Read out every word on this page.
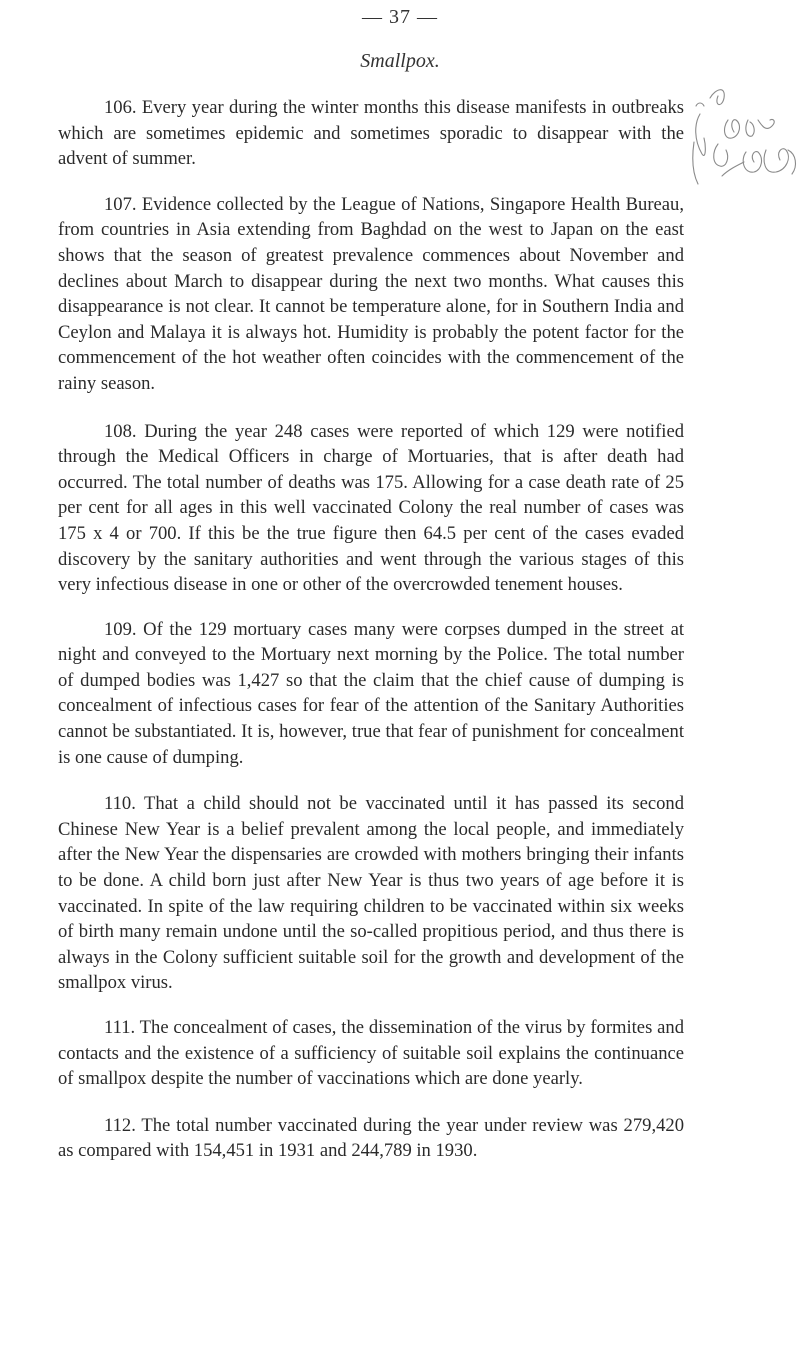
— 37 —
Smallpox.

106. Every year during the winter months this disease manifests in outbreaks which are sometimes epidemic and sometimes sporadic to disappear with the advent of summer.

107. Evidence collected by the League of Nations, Singapore Health Bureau, from countries in Asia extending from Baghdad on the west to Japan on the east shows that the season of greatest prevalence commences about November and declines about March to disappear during the next two months. What causes this disappearance is not clear. It cannot be temperature alone, for in Southern India and Ceylon and Malaya it is always hot. Humidity is probably the potent factor for the commencement of the hot weather often coincides with the commencement of the rainy season.

108. During the year 248 cases were reported of which 129 were notified through the Medical Officers in charge of Mortuaries, that is after death had occurred. The total number of deaths was 175. Allowing for a case death rate of 25 per cent for all ages in this well vaccinated Colony the real number of cases was 175 x 4 or 700. If this be the true figure then 64.5 per cent of the cases evaded discovery by the sanitary authorities and went through the various stages of this very infectious disease in one or other of the overcrowded tenement houses.

109. Of the 129 mortuary cases many were corpses dumped in the street at night and conveyed to the Mortuary next morning by the Police. The total number of dumped bodies was 1,427 so that the claim that the chief cause of dumping is concealment of infectious cases for fear of the attention of the Sanitary Authorities cannot be substantiated. It is, however, true that fear of punishment for concealment is one cause of dumping.

110. That a child should not be vaccinated until it has passed its second Chinese New Year is a belief prevalent among the local people, and immediately after the New Year the dispensaries are crowded with mothers bringing their infants to be done. A child born just after New Year is thus two years of age before it is vaccinated. In spite of the law requiring children to be vaccinated within six weeks of birth many remain undone until the so-called propitious period, and thus there is always in the Colony sufficient suitable soil for the growth and development of the smallpox virus.

111. The concealment of cases, the dissemination of the virus by formites and contacts and the existence of a sufficiency of suitable soil explains the continuance of smallpox despite the number of vaccinations which are done yearly.

112. The total number vaccinated during the year under review was 279,420 as compared with 154,451 in 1931 and 244,789 in 1930.
